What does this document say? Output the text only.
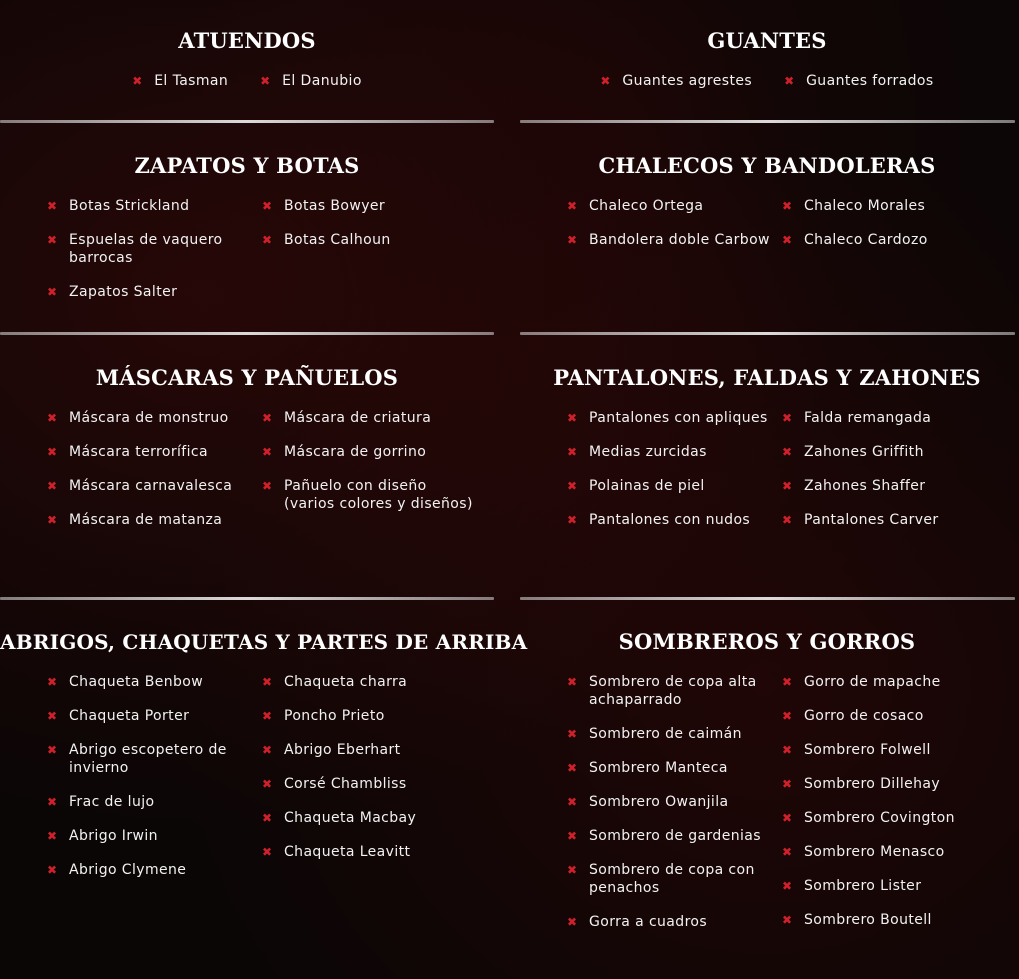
ATUENDOS
✖ El Tasman	✖ El Danubio
GUANTES
✖ Guantes agrestes	✖ Guantes forrados
ZAPATOS Y BOTAS
✖ Botas Strickland
✖ Espuelas de vaquero barrocas
✖ Zapatos Salter
✖ Botas Bowyer
✖ Botas Calhoun
CHALECOS Y BANDOLERAS
✖ Chaleco Ortega
✖ Bandolera doble Carbow
✖ Chaleco Morales
✖ Chaleco Cardozo
MÁSCARAS Y PAÑUELOS
✖ Máscara de monstruo
✖ Máscara terrorífica
✖ Máscara carnavalesca
✖ Máscara de matanza
✖ Máscara de criatura
✖ Máscara de gorrino
✖ Pañuelo con diseño (varios colores y diseños)
PANTALONES, FALDAS Y ZAHONES
✖ Pantalones con apliques
✖ Medias zurcidas
✖ Polainas de piel
✖ Pantalones con nudos
✖ Falda remangada
✖ Zahones Griffith
✖ Zahones Shaffer
✖ Pantalones Carver
ABRIGOS, CHAQUETAS Y PARTES DE ARRIBA
✖ Chaqueta Benbow
✖ Chaqueta Porter
✖ Abrigo escopetero de invierno
✖ Frac de lujo
✖ Abrigo Irwin
✖ Abrigo Clymene
✖ Chaqueta charra
✖ Poncho Prieto
✖ Abrigo Eberhart
✖ Corsé Chambliss
✖ Chaqueta Macbay
✖ Chaqueta Leavitt
SOMBREROS Y GORROS
✖ Sombrero de copa alta achaparrado
✖ Sombrero de caimán
✖ Sombrero Manteca
✖ Sombrero Owanjila
✖ Sombrero de gardenias
✖ Sombrero de copa con penachos
✖ Gorra a cuadros
✖ Gorro de mapache
✖ Gorro de cosaco
✖ Sombrero Folwell
✖ Sombrero Dillehay
✖ Sombrero Covington
✖ Sombrero Menasco
✖ Sombrero Lister
✖ Sombrero Boutell
